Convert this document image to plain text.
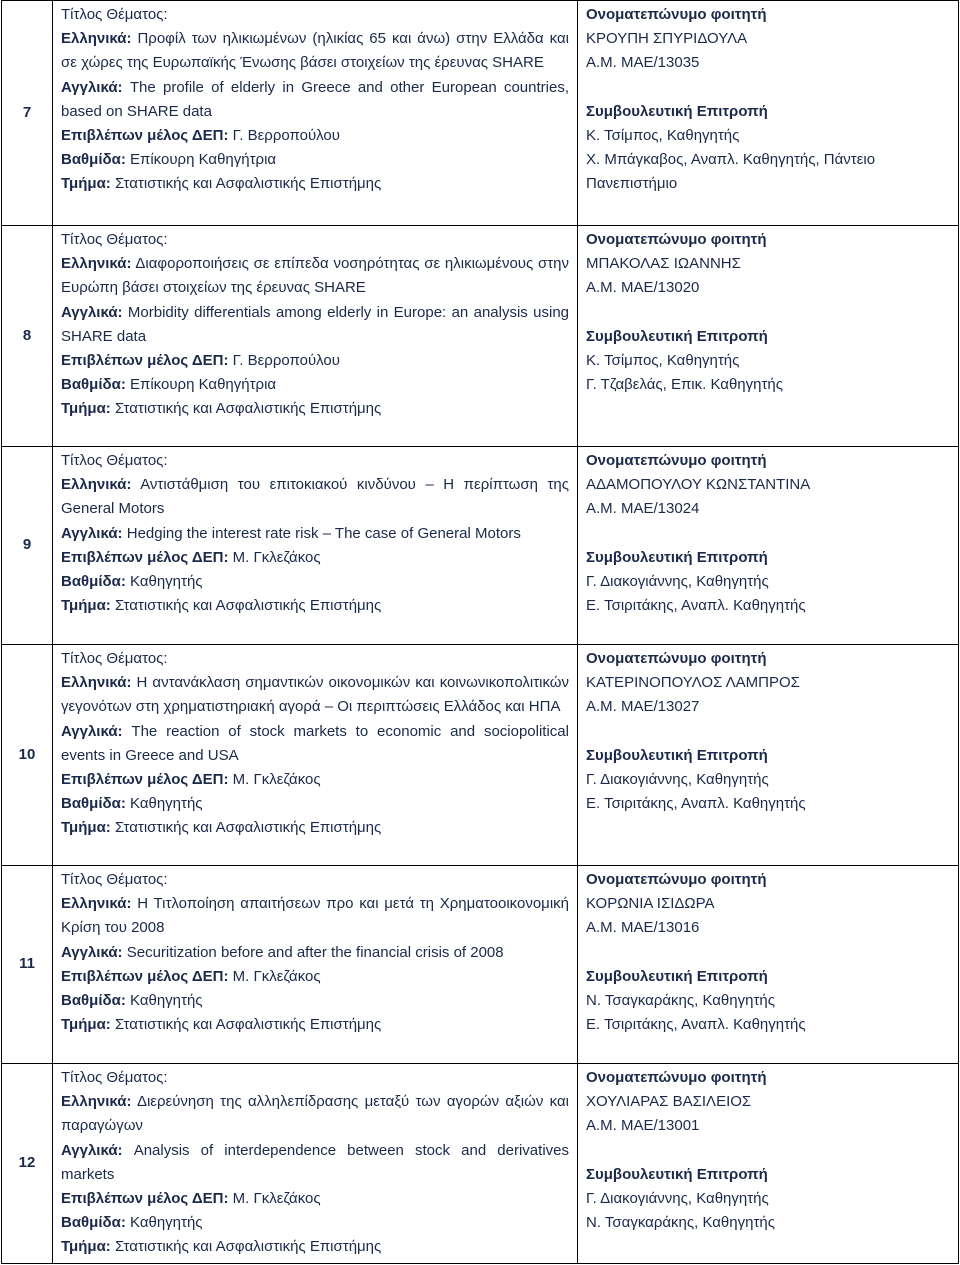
7
Τίτλος Θέματος:
Ελληνικά: Προφίλ των ηλικιωμένων (ηλικίας 65 και άνω) στην Ελλάδα και σε χώρες της Ευρωπαϊκής Ένωσης βάσει στοιχείων της έρευνας SHARE
Αγγλικά: The profile of elderly in Greece and other European countries, based on SHARE data
Επιβλέπων μέλος ΔΕΠ: Γ. Βερροπούλου
Βαθμίδα: Επίκουρη Καθηγήτρια
Τμήμα: Στατιστικής και Ασφαλιστικής Επιστήμης
Ονοματεπώνυμο φοιτητή
ΚΡΟΥΠΗ ΣΠΥΡΙΔΟΥΛΑ
Α.Μ. ΜΑΕ/13035
Συμβουλευτική Επιτροπή
Κ. Τσίμπος, Καθηγητής
Χ. Μπάγκαβος, Αναπλ. Καθηγητής, Πάντειο Πανεπιστήμιο
8
Τίτλος Θέματος:
Ελληνικά: Διαφοροποιήσεις σε επίπεδα νοσηρότητας σε ηλικιωμένους στην Ευρώπη βάσει στοιχείων της έρευνας SHARE
Αγγλικά: Morbidity differentials among elderly in Europe: an analysis using SHARE data
Επιβλέπων μέλος ΔΕΠ: Γ. Βερροπούλου
Βαθμίδα: Επίκουρη Καθηγήτρια
Τμήμα: Στατιστικής και Ασφαλιστικής Επιστήμης
Ονοματεπώνυμο φοιτητή
ΜΠΑΚΟΛΑΣ ΙΩΑΝΝΗΣ
Α.Μ. ΜΑΕ/13020
Συμβουλευτική Επιτροπή
Κ. Τσίμπος, Καθηγητής
Γ. Τζαβελάς, Επικ. Καθηγητής
9
Τίτλος Θέματος:
Ελληνικά: Αντιστάθμιση του επιτοκιακού κινδύνου – Η περίπτωση της General Motors
Αγγλικά: Hedging the interest rate risk – The case of General Motors
Επιβλέπων μέλος ΔΕΠ: Μ. Γκλεζάκος
Βαθμίδα: Καθηγητής
Τμήμα: Στατιστικής και Ασφαλιστικής Επιστήμης
Ονοματεπώνυμο φοιτητή
ΑΔΑΜΟΠΟΥΛΟΥ ΚΩΝΣΤΑΝΤΙΝΑ
Α.Μ. ΜΑΕ/13024
Συμβουλευτική Επιτροπή
Γ. Διακογιάννης, Καθηγητής
Ε. Τσιριτάκης, Αναπλ. Καθηγητής
10
Τίτλος Θέματος:
Ελληνικά: Η αντανάκλαση σημαντικών οικονομικών και κοινωνικοπολιτικών γεγονότων στη χρηματιστηριακή αγορά – Οι περιπτώσεις Ελλάδος και ΗΠΑ
Αγγλικά: The reaction of stock markets to economic and sociopolitical events in Greece and USA
Επιβλέπων μέλος ΔΕΠ: Μ. Γκλεζάκος
Βαθμίδα: Καθηγητής
Τμήμα: Στατιστικής και Ασφαλιστικής Επιστήμης
Ονοματεπώνυμο φοιτητή
ΚΑΤΕΡΙΝΟΠΟΥΛΟΣ ΛΑΜΠΡΟΣ
Α.Μ. ΜΑΕ/13027
Συμβουλευτική Επιτροπή
Γ. Διακογιάννης, Καθηγητής
Ε. Τσιριτάκης, Αναπλ. Καθηγητής
11
Τίτλος Θέματος:
Ελληνικά: Η Τιτλοποίηση απαιτήσεων προ και μετά τη Χρηματοοικονομική Κρίση του 2008
Αγγλικά: Securitization before and after the financial crisis of 2008
Επιβλέπων μέλος ΔΕΠ: Μ. Γκλεζάκος
Βαθμίδα: Καθηγητής
Τμήμα: Στατιστικής και Ασφαλιστικής Επιστήμης
Ονοματεπώνυμο φοιτητή
ΚΟΡΩΝΙΑ ΙΣΙΔΩΡΑ
Α.Μ. ΜΑΕ/13016
Συμβουλευτική Επιτροπή
Ν. Τσαγκαράκης, Καθηγητής
Ε. Τσιριτάκης, Αναπλ. Καθηγητής
12
Τίτλος Θέματος:
Ελληνικά: Διερεύνηση της αλληλεπίδρασης μεταξύ των αγορών αξιών και παραγώγων
Αγγλικά: Analysis of interdependence between stock and derivatives markets
Επιβλέπων μέλος ΔΕΠ: Μ. Γκλεζάκος
Βαθμίδα: Καθηγητής
Τμήμα: Στατιστικής και Ασφαλιστικής Επιστήμης
Ονοματεπώνυμο φοιτητή
ΧΟΥΛΙΑΡΑΣ ΒΑΣΙΛΕΙΟΣ
Α.Μ. ΜΑΕ/13001
Συμβουλευτική Επιτροπή
Γ. Διακογιάννης, Καθηγητής
Ν. Τσαγκαράκης, Καθηγητής
